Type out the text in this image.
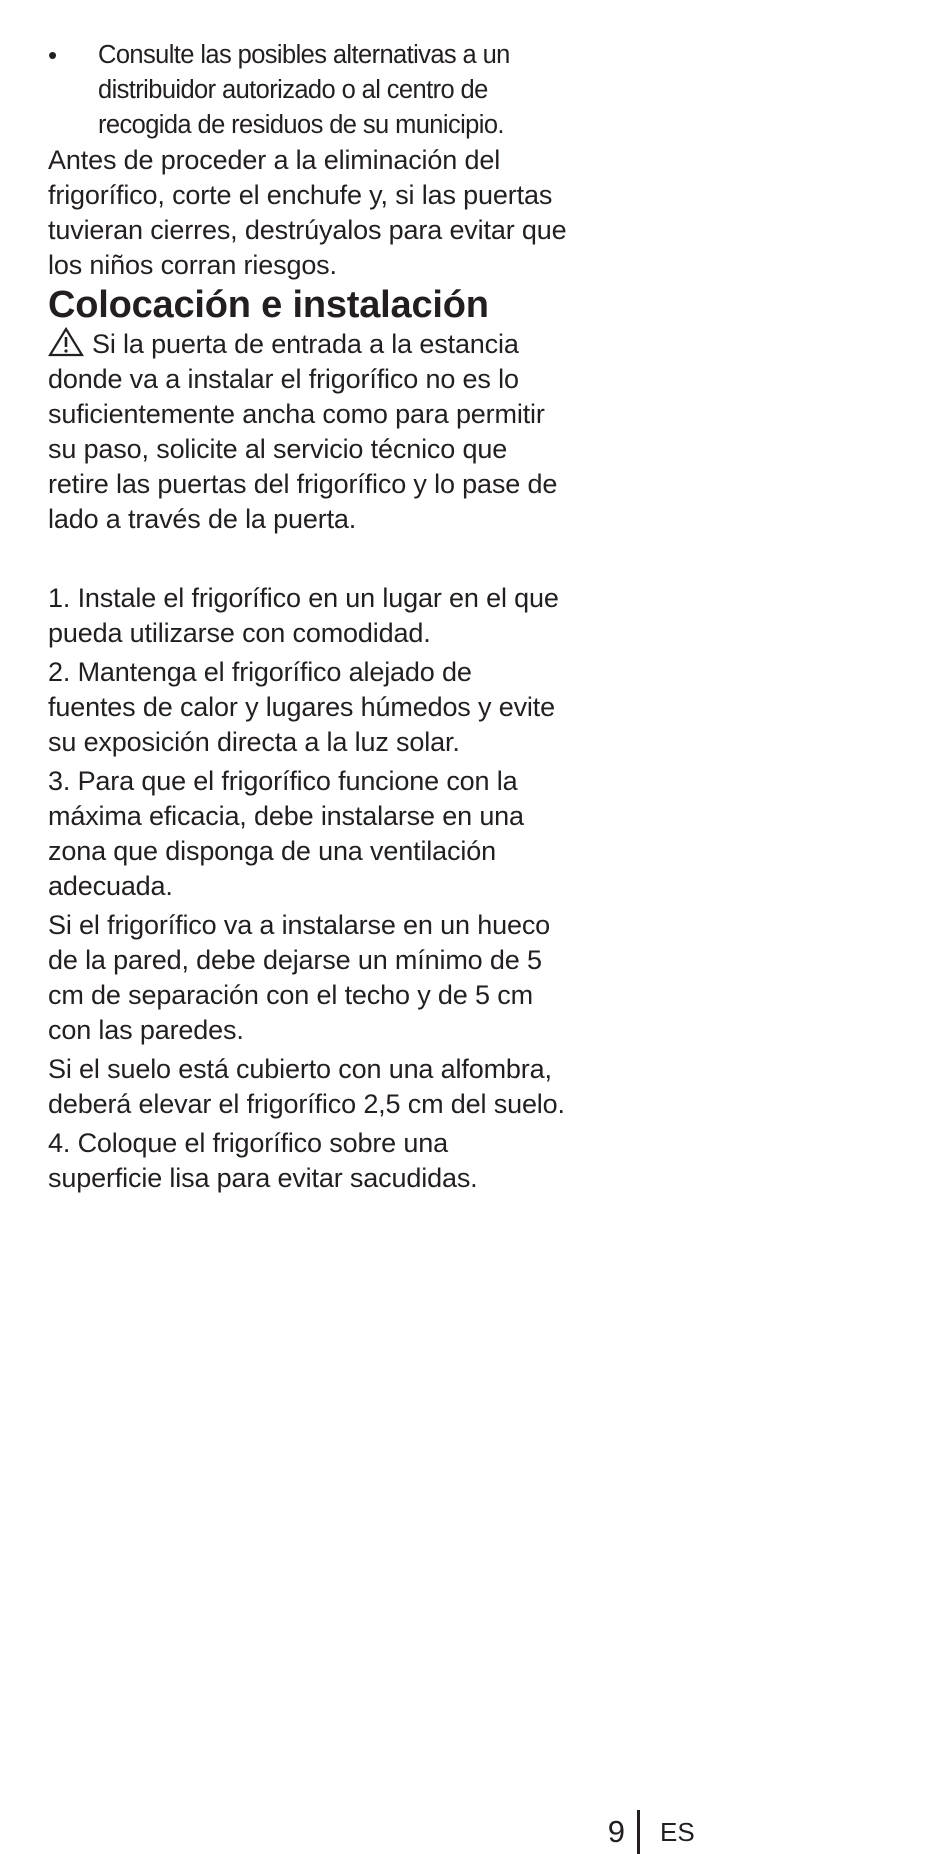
•	Consulte las posibles alternativas a un
distribuidor autorizado o al centro de
recogida de residuos de su municipio.
Antes de proceder a la eliminación del
frigorífico, corte el enchufe y, si las puertas
tuvieran cierres, destrúyalos para evitar que
los niños corran riesgos.
Colocación e instalación
Si la puerta de entrada a la estancia
donde va a instalar el frigorífico no es lo
suficientemente ancha como para permitir
su paso, solicite al servicio técnico que
retire las puertas del frigorífico y lo pase de
lado a través de la puerta.

1. Instale el frigorífico en un lugar en el que
pueda utilizarse con comodidad.

2. Mantenga el frigorífico alejado de
fuentes de calor y lugares húmedos y evite
su exposición directa a la luz solar.

3. Para que el frigorífico funcione con la
máxima eficacia, debe instalarse en una
zona que disponga de una ventilación
adecuada.

Si el frigorífico va a instalarse en un hueco
de la pared, debe dejarse un mínimo de 5
cm de separación con el techo y de 5 cm
con las paredes.

Si el suelo está cubierto con una alfombra,
deberá elevar el frigorífico 2,5 cm del suelo.

4. Coloque el frigorífico sobre una
superficie lisa para evitar sacudidas.

9 ES
